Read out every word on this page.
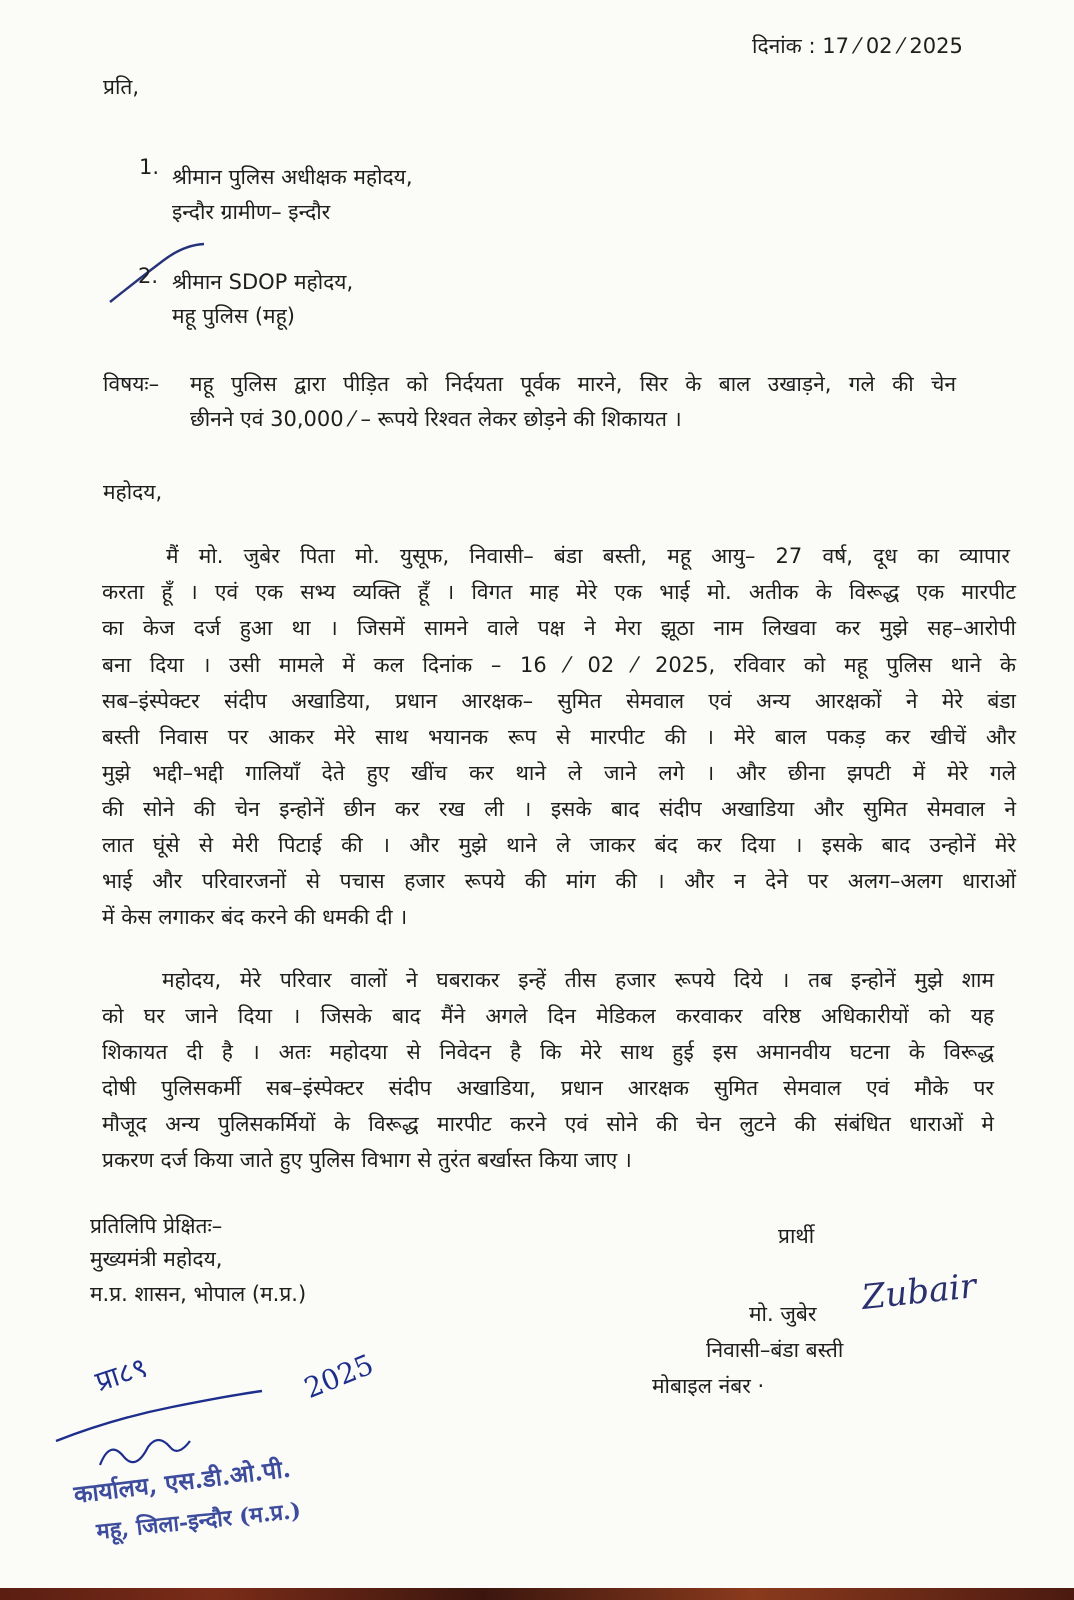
दिनांक : 17 ⁄ 02 ⁄ 2025
प्रति,
1. श्रीमान पुलिस अधीक्षक महोदय,
इन्दौर ग्रामीण– इन्दौर
2. श्रीमान SDOP महोदय,
महू पुलिस (महू)
विषयः– महू पुलिस द्वारा पीड़ित को निर्दयता पूर्वक मारने, सिर के बाल उखाड़ने, गले की चेन
छीनने एवं 30,000 ⁄ – रूपये रिश्वत लेकर छोड़ने की शिकायत ।
महोदय,
मैं मो. जुबेर पिता मो. युसूफ, निवासी– बंडा बस्ती, महू आयु– 27 वर्ष, दूध का व्यापार
करता हूँ । एवं एक सभ्य व्यक्ति हूँ । विगत माह मेरे एक भाई मो. अतीक के विरूद्ध एक मारपीट
का केज दर्ज हुआ था । जिसमें सामने वाले पक्ष ने मेरा झूठा नाम लिखवा कर मुझे सह–आरोपी
बना दिया । उसी मामले में कल दिनांक – 16 ⁄ 02 ⁄ 2025, रविवार को महू पुलिस थाने के
सब–इंस्पेक्टर संदीप अखाडिया, प्रधान आरक्षक– सुमित सेमवाल एवं अन्य आरक्षकों ने मेरे बंडा
बस्ती निवास पर आकर मेरे साथ भयानक रूप से मारपीट की । मेरे बाल पकड़ कर खीचें और
मुझे भद्दी–भद्दी गालियॉं देते हुए खींच कर थाने ले जाने लगे । और छीना झपटी में मेरे गले
की सोने की चेन इन्होनें छीन कर रख ली । इसके बाद संदीप अखाडिया और सुमित सेमवाल ने
लात घूंसे से मेरी पिटाई की । और मुझे थाने ले जाकर बंद कर दिया । इसके बाद उन्होनें मेरे
भाई और परिवारजनों से पचास हजार रूपये की मांग की । और न देने पर अलग–अलग धाराओं
में केस लगाकर बंद करने की धमकी दी ।
महोदय, मेरे परिवार वालों ने घबराकर इन्हें तीस हजार रूपये दिये । तब इन्होनें मुझे शाम
को घर जाने दिया । जिसके बाद मैंने अगले दिन मेडिकल करवाकर वरिष्ठ अधिकारीयों को यह
शिकायत दी है । अतः महोदया से निवेदन है कि मेरे साथ हुई इस अमानवीय घटना के विरूद्ध
दोषी पुलिसकर्मी सब–इंस्पेक्टर संदीप अखाडिया, प्रधान आरक्षक सुमित सेमवाल एवं मौके पर
मौजूद अन्य पुलिसकर्मियों के विरूद्ध मारपीट करने एवं सोने की चेन लुटने की संबंधित धाराओं मे
प्रकरण दर्ज किया जाते हुए पुलिस विभाग से तुरंत बर्खास्त किया जाए ।
प्रतिलिपि प्रेक्षितः–
मुख्यमंत्री महोदय,
म.प्र. शासन, भोपाल (म.प्र.)
प्रार्थी
मो. जुबेर Zubair
निवासी–बंडा बस्ती
मोबाइल नंबर ·
प्रा८९	2025
कार्यालय, एस.डी.ओ.पी.
महू, जिला-इन्दौर (म.प्र.)
